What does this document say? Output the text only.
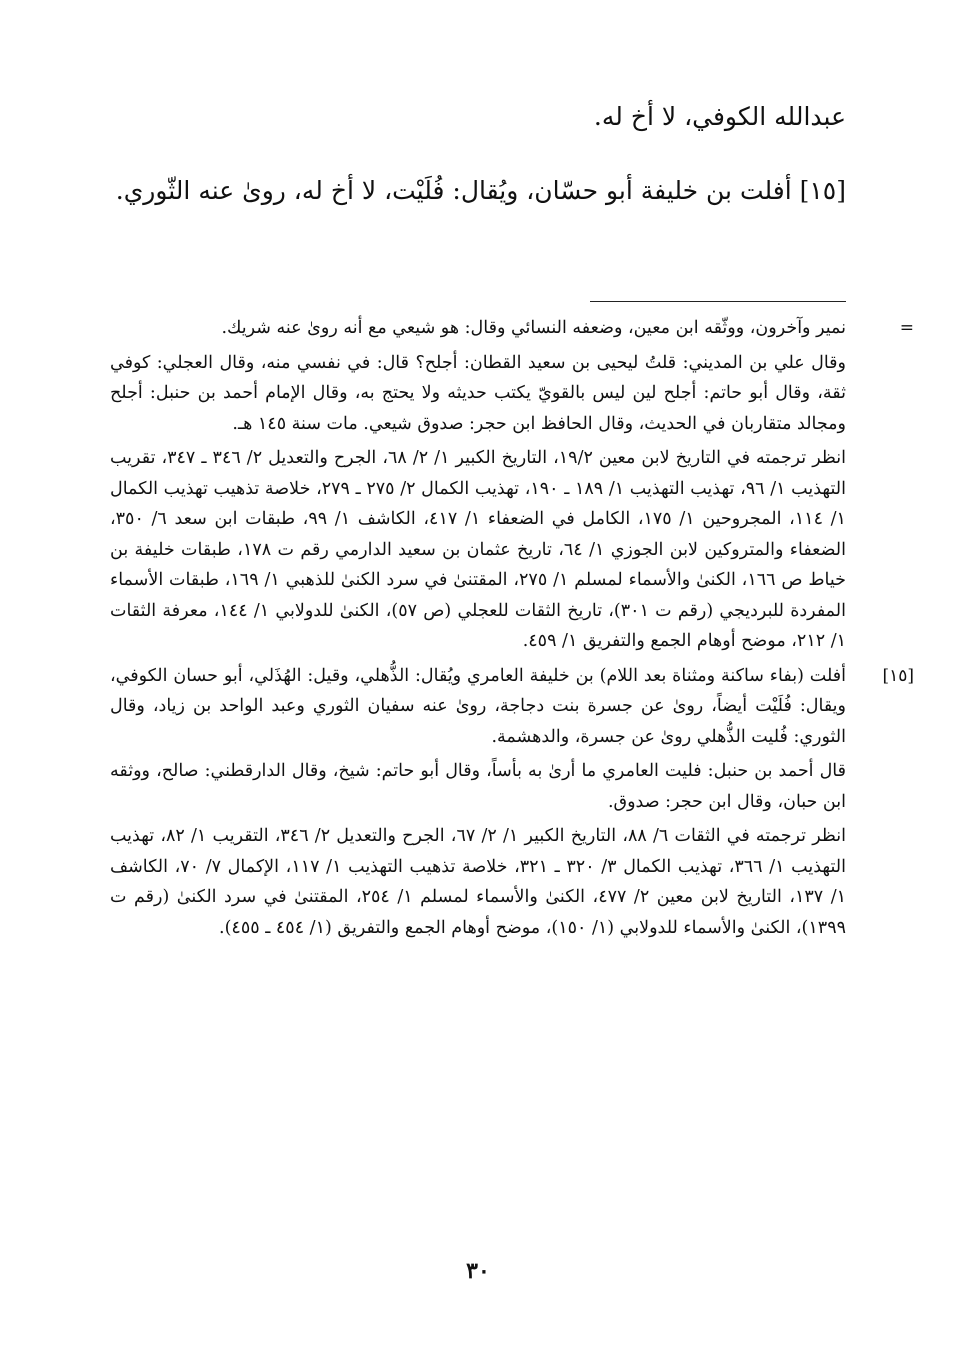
عبدالله الكوفي، لا أخ له.

[١٥] أفلت بن خليفة أبو حسّان، ويُقال: فُلَيْت، لا أخ له، روىٰ عنه الثّوري.

=

نمير وآخرون، ووثّقه ابن معين، وضعفه النسائي وقال: هو شيعي مع أنه روىٰ عنه شريك.

وقال علي بن المديني: قلتُ ليحيى بن سعيد القطان: أجلح؟ قال: في نفسي منه، وقال العجلي: كوفي ثقة، وقال أبو حاتم: أجلح لين ليس بالقويّ يكتب حديثه ولا يحتج به، وقال الإمام أحمد بن حنبل: أجلح ومجالد متقاربان في الحديث، وقال الحافظ ابن حجر: صدوق شيعي. مات سنة ١٤٥ هـ.

انظر ترجمته في التاريخ لابن معين ١٩/٢، التاريخ الكبير ١/ ٢/ ٦٨، الجرح والتعديل ٢/ ٣٤٦ ـ ٣٤٧، تقريب التهذيب ١/ ٩٦، تهذيب التهذيب ١/ ١٨٩ ـ ١٩٠، تهذيب الكمال ٢/ ٢٧٥ ـ ٢٧٩، خلاصة تذهيب تهذيب الكمال ١/ ١١٤، المجروحين ١/ ١٧٥، الكامل في الضعفاء ١/ ٤١٧، الكاشف ١/ ٩٩، طبقات ابن سعد ٦/ ٣٥٠، الضعفاء والمتروكين لابن الجوزي ١/ ٦٤، تاريخ عثمان بن سعيد الدارمي رقم ت ١٧٨، طبقات خليفة بن خياط ص ١٦٦، الكنىٰ والأسماء لمسلم ١/ ٢٧٥، المقتنىٰ في سرد الكنىٰ للذهبي ١/ ١٦٩، طبقات الأسماء المفردة للبرديجي (رقم ت ٣٠١)، تاريخ الثقات للعجلي (ص ٥٧)، الكنىٰ للدولابي ١/ ١٤٤، معرفة الثقات ١/ ٢١٢، موضح أوهام الجمع والتفريق ١/ ٤٥٩.

[١٥]

أفلت (بفاء ساكنة ومثناة بعد اللام) بن خليفة العامري ويُقال: الذُّهلي، وقيل: الهُذَلي، أبو حسان الكوفي، ويقال: فُلَيْت أيضاً، روىٰ عن جسرة بنت دجاجة، روىٰ عنه سفيان الثوري وعبد الواحد بن زياد، وقال الثوري: فُليت الذُّهلي روىٰ عن جسرة، والدهشمة.

قال أحمد بن حنبل: فليت العامري ما أرىٰ به بأساً، وقال أبو حاتم: شيخ، وقال الدارقطني: صالح، ووثقه ابن حبان، وقال ابن حجر: صدوق.

انظر ترجمته في الثقات ٦/ ٨٨، التاريخ الكبير ١/ ٢/ ٦٧، الجرح والتعديل ٢/ ٣٤٦، التقريب ١/ ٨٢، تهذيب التهذيب ١/ ٣٦٦، تهذيب الكمال ٣/ ٣٢٠ ـ ٣٢١، خلاصة تذهيب التهذيب ١/ ١١٧، الإكمال ٧/ ٧٠، الكاشف ١/ ١٣٧، التاريخ لابن معين ٢/ ٤٧٧، الكنىٰ والأسماء لمسلم ١/ ٢٥٤، المقتنىٰ في سرد الكنىٰ (رقم ت ١٣٩٩)، الكنىٰ والأسماء للدولابي (١/ ١٥٠)، موضح أوهام الجمع والتفريق (١/ ٤٥٤ ـ ٤٥٥).

٣٠
